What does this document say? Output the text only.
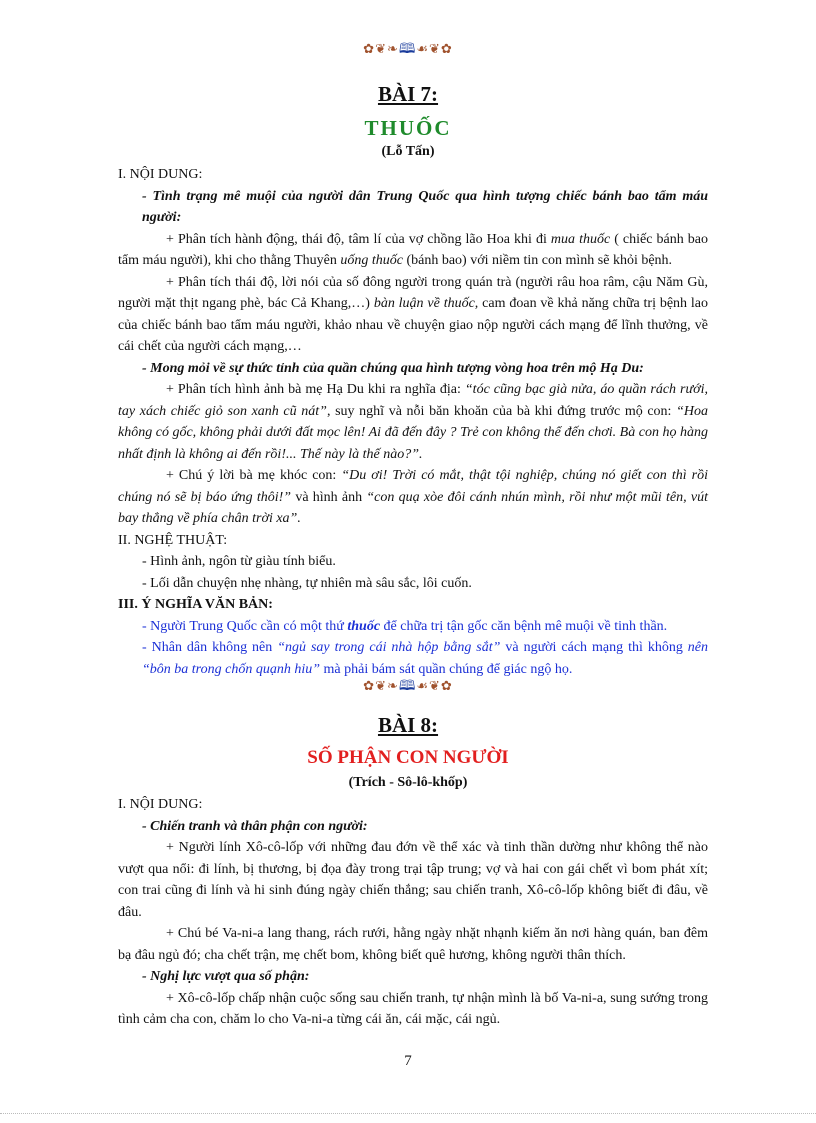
✿❦❧🕮☙❦✿
BÀI 7:
THUỐC
(Lỗ Tấn)

I. NỘI DUNG:

- Tình trạng mê muội của người dân Trung Quốc qua hình tượng chiếc bánh bao tẩm máu người:

+ Phân tích hành động, thái độ, tâm lí của vợ chồng lão Hoa khi đi mua thuốc ( chiếc bánh bao tẩm máu người), khi cho thằng Thuyên uống thuốc (bánh bao) với niềm tin con mình sẽ khỏi bệnh.

+ Phân tích thái độ, lời nói của số đông người trong quán trà (người râu hoa râm, cậu Năm Gù, người mặt thịt ngang phè, bác Cả Khang,…) bàn luận về thuốc, cam đoan về khả năng chữa trị bệnh lao của chiếc bánh bao tẩm máu người, khảo nhau về chuyện giao nộp người cách mạng để lĩnh thưởng, về cái chết của người cách mạng,…

- Mong mỏi về sự thức tỉnh của quần chúng qua hình tượng vòng hoa trên mộ Hạ Du:

+ Phân tích hình ảnh bà mẹ Hạ Du khi ra nghĩa địa: “tóc cũng bạc già nửa, áo quần rách rưới, tay xách chiếc giỏ son xanh cũ nát”, suy nghĩ và nỗi băn khoăn của bà khi đứng trước mộ con: “Hoa không có gốc, không phải dưới đất mọc lên! Ai đã đến đây ? Trẻ con không thể đến chơi. Bà con họ hàng nhất định là không ai đến rồi!... Thế này là thế nào?”.

+ Chú ý lời bà mẹ khóc con: “Du ơi! Trời có mắt, thật tội nghiệp, chúng nó giết con thì rồi chúng nó sẽ bị báo ứng thôi!” và hình ảnh “con quạ xòe đôi cánh nhún mình, rồi như một mũi tên, vút bay thẳng về phía chân trời xa”.

II. NGHỆ THUẬT:

- Hình ảnh, ngôn từ giàu tính biểu.

- Lối dẫn chuyện nhẹ nhàng, tự nhiên mà sâu sắc, lôi cuốn.

III. Ý NGHĨA VĂN BẢN:

- Người Trung Quốc cần có một thứ thuốc để chữa trị tận gốc căn bệnh mê muội về tinh thần.

- Nhân dân không nên “ngủ say trong cái nhà hộp bằng sắt” và người cách mạng thì không nên “bôn ba trong chốn quạnh hiu” mà phải bám sát quần chúng để giác ngộ họ.

✿❦❧🕮☙❦✿
BÀI 8:
SỐ PHẬN CON NGƯỜI
(Trích - Sô-lô-khốp)

I. NỘI DUNG:

- Chiến tranh và thân phận con người:

+ Người lính Xô-cô-lốp với những đau đớn về thể xác và tinh thần dường như không thể nào vượt qua nổi: đi lính, bị thương, bị đọa đày trong trại tập trung; vợ và hai con gái chết vì bom phát xít; con trai cũng đi lính và hi sinh đúng ngày chiến thắng; sau chiến tranh, Xô-cô-lốp không biết đi đâu, về đâu.

+ Chú bé Va-ni-a lang thang, rách rưới, hằng ngày nhặt nhạnh kiếm ăn nơi hàng quán, ban đêm bạ đâu ngủ đó; cha chết trận, mẹ chết bom, không biết quê hương, không người thân thích.

- Nghị lực vượt qua số phận:

+ Xô-cô-lốp chấp nhận cuộc sống sau chiến tranh, tự nhận mình là bố Va-ni-a, sung sướng trong tình cảm cha con, chăm lo cho Va-ni-a từng cái ăn, cái mặc, cái ngủ.

7
